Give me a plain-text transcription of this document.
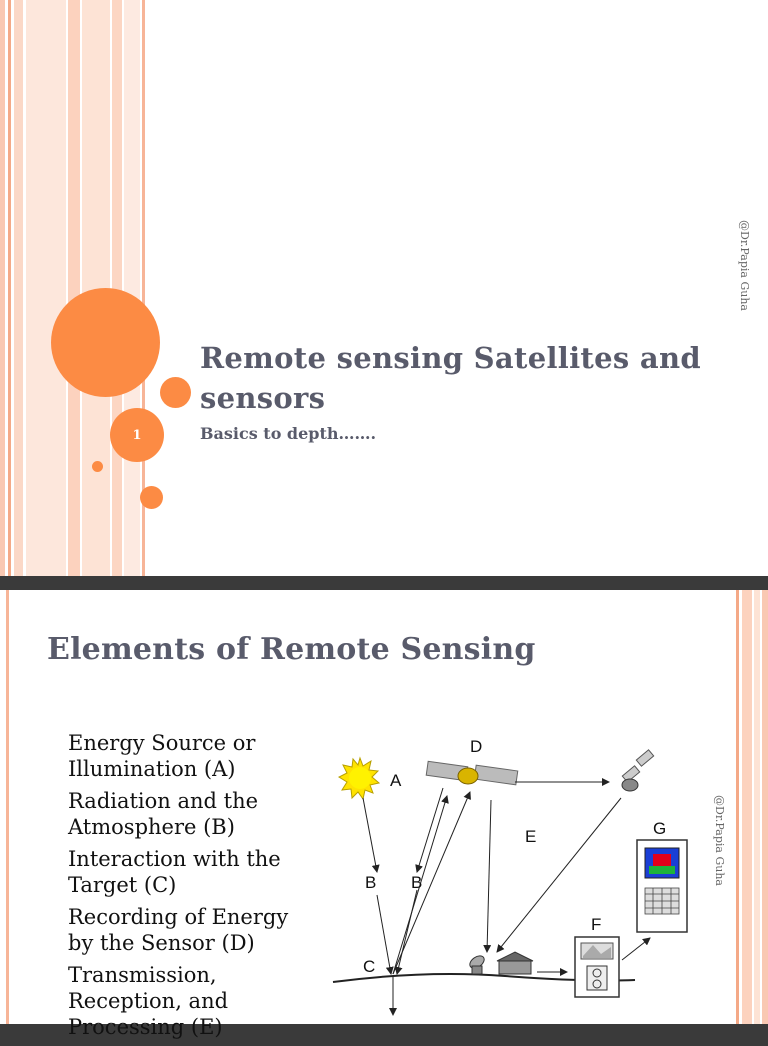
1
Remote sensing Satellites and sensors
Basics to depth…….
@Dr.Papia Guha
Elements of Remote Sensing
@Dr.Papia Guha
Energy Source or Illumination (A)
Radiation and the Atmosphere (B)
Interaction with the Target (C)
Recording of Energy by the Sensor (D)
Transmission, Reception, and Processing (E)
A
B B
C
D
E
F
G
